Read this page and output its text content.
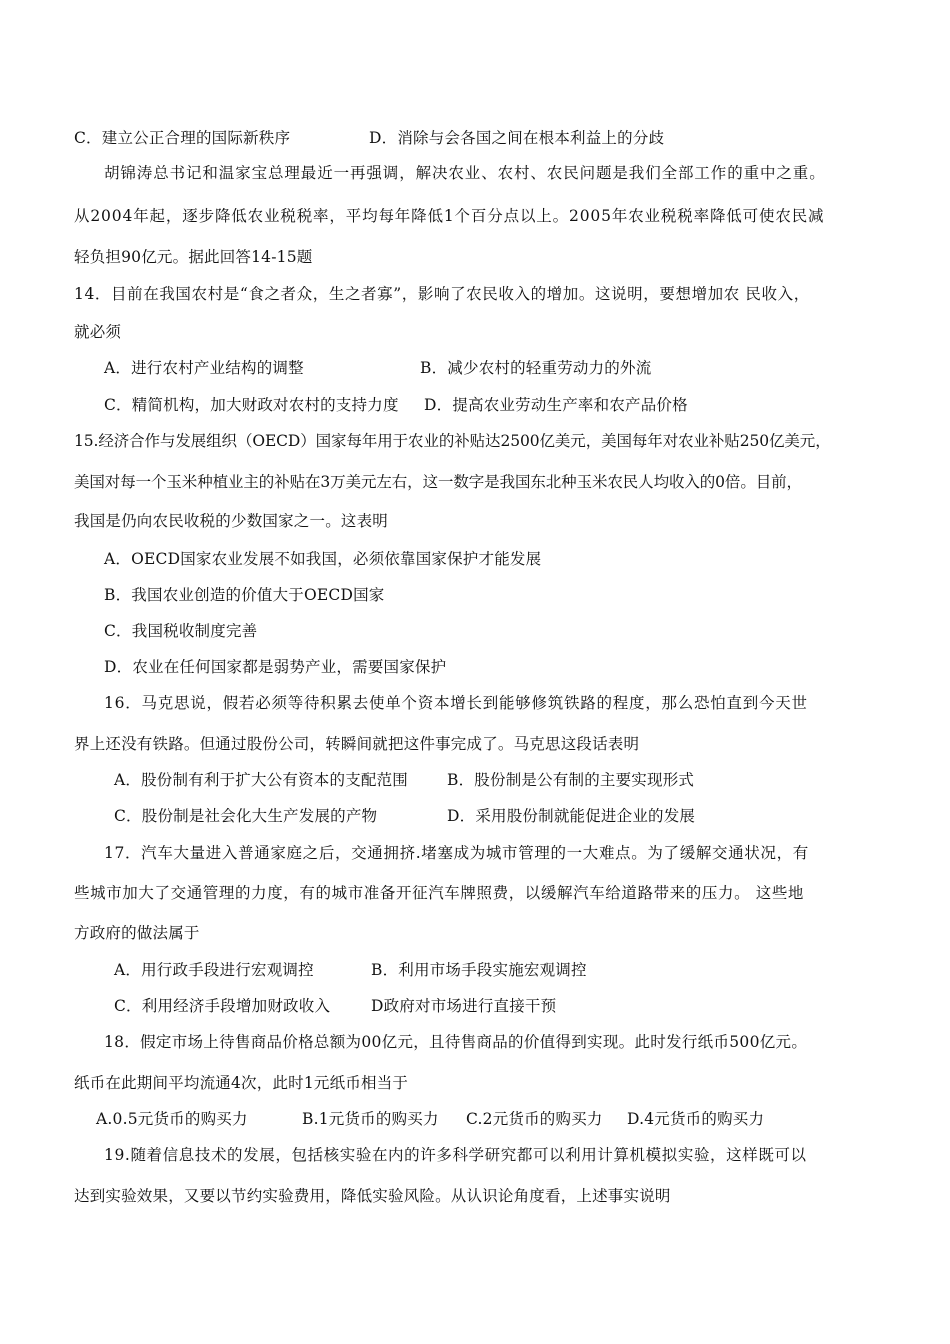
C．建立公正合理的国际新秩序	D．消除与会各国之间在根本利益上的分歧
胡锦涛总书记和温家宝总理最近一再强调，解决农业、农村、农民问题是我们全部工作的重中之重。
从2004年起，逐步降低农业税税率，平均每年降低1个百分点以上。2005年农业税税率降低可使农民减
轻负担90亿元。据此回答14-15题
14．目前在我国农村是“食之者众，生之者寡”，影响了农民收入的增加。这说明，要想增加农 民收入，
就必须
A．进行农村产业结构的调整	B．减少农村的轻重劳动力的外流
C．精简机构，加大财政对农村的支持力度 D．提高农业劳动生产率和农产品价格
15.经济合作与发展组织（OECD）国家每年用于农业的补贴达2500亿美元，美国每年对农业补贴250亿美元，
美国对每一个玉米种植业主的补贴在3万美元左右，这一数字是我国东北种玉米农民人均收入的0倍。目前，
我国是仍向农民收税的少数国家之一。这表明
A．OECD国家农业发展不如我国，必须依靠国家保护才能发展
B．我国农业创造的价值大于OECD国家
C．我国税收制度完善
D．农业在任何国家都是弱势产业，需要国家保护
16．马克思说，假若必须等待积累去使单个资本增长到能够修筑铁路的程度，那么恐怕直到今天世
界上还没有铁路。但通过股份公司，转瞬间就把这件事完成了。马克思这段话表明
A．股份制有利于扩大公有资本的支配范围	B．股份制是公有制的主要实现形式
C．股份制是社会化大生产发展的产物	D．采用股份制就能促进企业的发展
17．汽车大量进入普通家庭之后，交通拥挤.堵塞成为城市管理的一大难点。为了缓解交通状况，有
些城市加大了交通管理的力度，有的城市准备开征汽车牌照费，以缓解汽车给道路带来的压力。 这些地
方政府的做法属于
A．用行政手段进行宏观调控	B．利用市场手段实施宏观调控
C．利用经济手段增加财政收入	D政府对市场进行直接干预
18．假定市场上待售商品价格总额为00亿元，且待售商品的价值得到实现。此时发行纸币500亿元。
纸币在此期间平均流通4次，此时1元纸币相当于
A.0.5元货币的购买力	B.1元货币的购买力 C.2元货币的购买力 D.4元货币的购买力
19.随着信息技术的发展，包括核实验在内的许多科学研究都可以利用计算机模拟实验，这样既可以
达到实验效果，又要以节约实验费用，降低实验风险。从认识论角度看，上述事实说明
